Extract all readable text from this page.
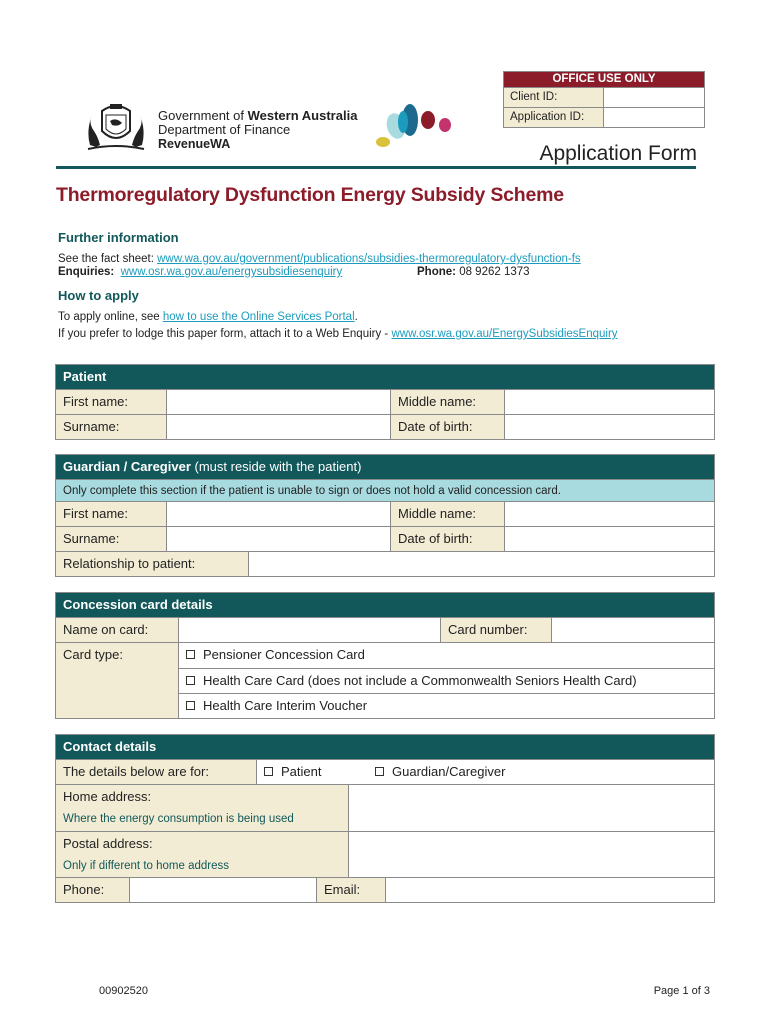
OFFICE USE ONLY
Client ID:
Application ID:
Government of Western Australia
Department of Finance
RevenueWA	Application Form
Thermoregulatory Dysfunction Energy Subsidy Scheme
Further information
See the fact sheet: www.wa.gov.au/government/publications/subsidies-thermoregulatory-dysfunction-fs
Enquiries: www.osr.wa.gov.au/energysubsidiesenquiry	Phone: 08 9262 1373
How to apply
To apply online, see how to use the Online Services Portal.
If you prefer to lodge this paper form, attach it to a Web Enquiry - www.osr.wa.gov.au/EnergySubsidiesEnquiry
Patient
First name:	Middle name:
Surname:	Date of birth:
Guardian / Caregiver (must reside with the patient)
Only complete this section if the patient is unable to sign or does not hold a valid concession card.
First name:	Middle name:
Surname:	Date of birth:
Relationship to patient:
Concession card details
Name on card:	Card number:
Card type:	Pensioner Concession Card
Health Care Card (does not include a Commonwealth Seniors Health Card)
Health Care Interim Voucher
Contact details
The details below are for:	Patient	Guardian/Caregiver
Home address:
Where the energy consumption is being used
Postal address:
Only if different to home address
Phone:	Email:
00902520	Page 1 of 3
